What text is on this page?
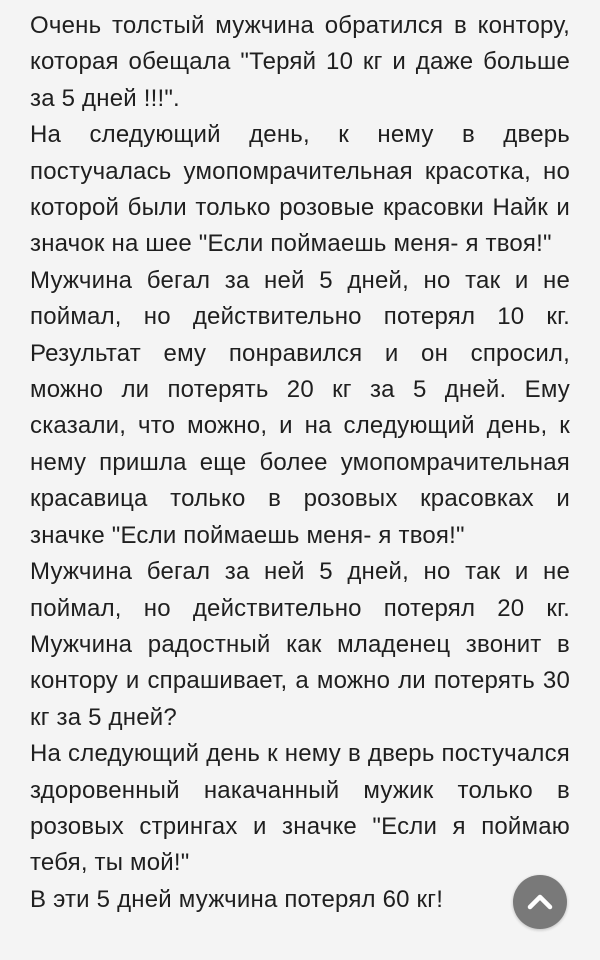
Очень толстый мужчина обратился в контору, которая обещала "Теряй 10 кг и даже больше за 5 дней !!!".

На следующий день, к нему в дверь постучалась умопомрачительная красотка, но которой были только розовые красовки Найк и значок на шее "Если поймаешь меня- я твоя!"

Мужчина бегал за ней 5 дней, но так и не поймал, но действительно потерял 10 кг. Результат ему понравился и он спросил, можно ли потерять 20 кг за 5 дней. Ему сказали, что можно, и на следующий день, к нему пришла еще более умопомрачительная красавица только в розовых красовках и значке "Если поймаешь меня- я твоя!"

Мужчина бегал за ней 5 дней, но так и не поймал, но действительно потерял 20 кг. Мужчина радостный как младенец звонит в контору и спрашивает, а можно ли потерять 30 кг за 5 дней?

На следующий день к нему в дверь постучался здоровенный накачанный мужик только в розовых стрингах и значке "Если я поймаю тебя, ты мой!"

В эти 5 дней мужчина потерял 60 кг!
